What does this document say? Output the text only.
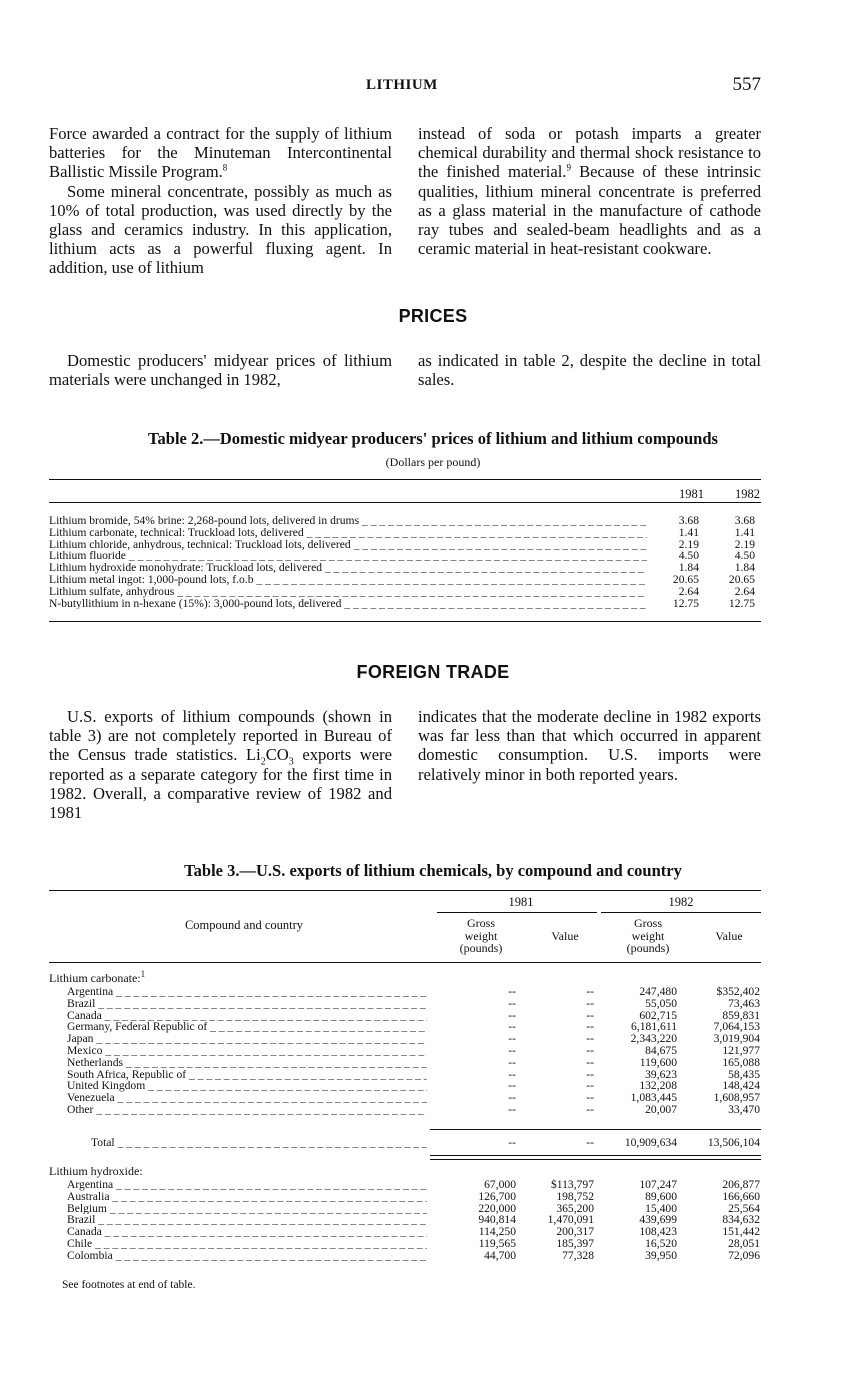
LITHIUM	557

Force awarded a contract for the supply of lithium batteries for the Minuteman Intercontinental Ballistic Missile Program.$^8$

Some mineral concentrate, possibly as much as 10% of total production, was used directly by the glass and ceramics industry. In this application, lithium acts as a powerful fluxing agent. In addition, use of lithium

instead of soda or potash imparts a greater chemical durability and thermal shock resistance to the finished material.$^9$ Because of these intrinsic qualities, lithium mineral concentrate is preferred as a glass material in the manufacture of cathode ray tubes and sealed-beam headlights and as a ceramic material in heat-resistant cookware.

PRICES

Domestic producers' midyear prices of lithium materials were unchanged in 1982,

as indicated in table 2, despite the decline in total sales.

Table 2.—Domestic midyear producers' prices of lithium and lithium compounds
(Dollars per pound)
1981	1982
Lithium bromide, 54% brine: 2,268-pound lots, delivered in drums _ _ _	3.68	3.68
Lithium carbonate, technical: Truckload lots, delivered _ _ _	1.41	1.41
Lithium chloride, anhydrous, technical: Truckload lots, delivered _ _ _	2.19	2.19
Lithium fluoride _ _ _	4.50	4.50
Lithium hydroxide monohydrate: Truckload lots, delivered _ _ _	1.84	1.84
Lithium metal ingot: 1,000-pound lots, f.o.b _ _ _	20.65	20.65
Lithium sulfate, anhydrous _ _ _	2.64	2.64
N-butyllithium in n-hexane (15%): 3,000-pound lots, delivered _ _ _	12.75	12.75
FOREIGN TRADE

U.S. exports of lithium compounds (shown in table 3) are not completely reported in Bureau of the Census trade statistics. $Li_2CO_3$ exports were reported as a separate category for the first time in 1982. Overall, a comparative review of 1982 and 1981

indicates that the moderate decline in 1982 exports was far less than that which occurred in apparent domestic consumption. U.S. imports were relatively minor in both reported years.

Table 3.—U.S. exports of lithium chemicals, by compound and country
1981	1982
Compound and country	Gross
weight
(pounds)
Value
Gross
weight
(pounds)
Value
Lithium carbonate:$^1$
Argentina _ _ _	--	--	247,480	$352,402
Brazil _ _ _	--	--	55,050	73,463
Canada _ _ _	--	--	602,715	859,831
Germany, Federal Republic of _ _ _	--	--	6,181,611	7,064,153
Japan _ _ _	--	--	2,343,220	3,019,904
Mexico _ _ _	--	--	84,675	121,977
Netherlands _ _ _	--	--	119,600	165,088
South Africa, Republic of _ _ _	--	--	39,623	58,435
United Kingdom _ _ _	--	--	132,208	148,424
Venezuela _ _ _	--	--	1,083,445	1,608,957
Other _ _ _	--	--	20,007	33,470
Total _ _ _	--	--	10,909,634	13,506,104
Lithium hydroxide:
Argentina _ _ _	67,000	$113,797	107,247	206,877
Australia _ _ _	126,700	198,752	89,600	166,660
Belgium _ _ _	220,000	365,200	15,400	25,564
Brazil _ _ _	940,814	1,470,091	439,699	834,632
Canada _ _ _	114,250	200,317	108,423	151,442
Chile _ _ _	119,565	185,397	16,520	28,051
Colombia _ _ _	44,700	77,328	39,950	72,096
See footnotes at end of table.
